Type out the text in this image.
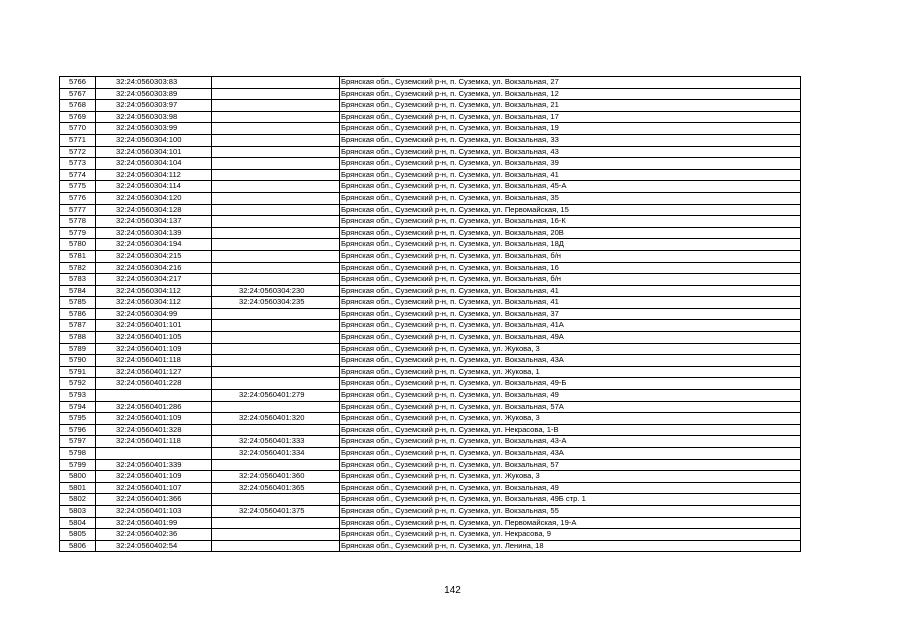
5766	32:24:0560303:83		Брянская обл., Суземский р-н, п. Суземка, ул. Вокзальная, 27
5767	32:24:0560303:89		Брянская обл., Суземский р-н, п. Суземка, ул. Вокзальная, 12
5768	32:24:0560303:97		Брянская обл., Суземский р-н, п. Суземка, ул. Вокзальная, 21
5769	32:24:0560303:98		Брянская обл., Суземский р-н, п. Суземка, ул. Вокзальная, 17
5770	32:24:0560303:99		Брянская обл., Суземский р-н, п. Суземка, ул. Вокзальная, 19
5771	32:24:0560304:100		Брянская обл., Суземский р-н, п. Суземка, ул. Вокзальная, 33
5772	32:24:0560304:101		Брянская обл., Суземский р-н, п. Суземка, ул. Вокзальная, 43
5773	32:24:0560304:104		Брянская обл., Суземский р-н, п. Суземка, ул. Вокзальная, 39
5774	32:24:0560304:112		Брянская обл., Суземский р-н, п. Суземка, ул. Вокзальная, 41
5775	32:24:0560304:114		Брянская обл., Суземский р-н, п. Суземка, ул. Вокзальная, 45-А
5776	32:24:0560304:120		Брянская обл., Суземский р-н, п. Суземка, ул. Вокзальная, 35
5777	32:24:0560304:128		Брянская обл., Суземский р-н, п. Суземка, ул. Первомайская, 15
5778	32:24:0560304:137		Брянская обл., Суземский р-н, п. Суземка, ул. Вокзальная, 16-К
5779	32:24:0560304:139		Брянская обл., Суземский р-н, п. Суземка, ул. Вокзальная, 20В
5780	32:24:0560304:194		Брянская обл., Суземский р-н, п. Суземка, ул. Вокзальная, 18Д
5781	32:24:0560304:215		Брянская обл., Суземский р-н, п. Суземка, ул. Вокзальная, б/н
5782	32:24:0560304:216		Брянская обл., Суземский р-н, п. Суземка, ул. Вокзальная, 16
5783	32:24:0560304:217		Брянская обл., Суземский р-н, п. Суземка, ул. Вокзальная, б/н
5784	32:24:0560304:112	32:24:0560304:230	Брянская обл., Суземский р-н, п. Суземка, ул. Вокзальная, 41
5785	32:24:0560304:112	32:24:0560304:235	Брянская обл., Суземский р-н, п. Суземка, ул. Вокзальная, 41
5786	32:24:0560304:99		Брянская обл., Суземский р-н, п. Суземка, ул. Вокзальная, 37
5787	32:24:0560401:101		Брянская обл., Суземский р-н, п. Суземка, ул. Вокзальная, 41А
5788	32:24:0560401:105		Брянская обл., Суземский р-н, п. Суземка, ул. Вокзальная, 49А
5789	32:24:0560401:109		Брянская обл., Суземский р-н, п. Суземка, ул. Жукова, 3
5790	32:24:0560401:118		Брянская обл., Суземский р-н, п. Суземка, ул. Вокзальная, 43А
5791	32:24:0560401:127		Брянская обл., Суземский р-н, п. Суземка, ул. Жукова, 1
5792	32:24:0560401:228		Брянская обл., Суземский р-н, п. Суземка, ул. Вокзальная, 49-Б
5793		32:24:0560401:279	Брянская обл., Суземский р-н, п. Суземка, ул. Вокзальная, 49
5794	32:24:0560401:286		Брянская обл., Суземский р-н, п. Суземка, ул. Вокзальная, 57А
5795	32:24:0560401:109	32:24:0560401:320	Брянская обл., Суземский р-н, п. Суземка, ул. Жукова, 3
5796	32:24:0560401:328		Брянская обл., Суземский р-н, п. Суземка, ул. Некрасова, 1-В
5797	32:24:0560401:118	32:24:0560401:333	Брянская обл., Суземский р-н, п. Суземка, ул. Вокзальная, 43-А
5798		32:24:0560401:334	Брянская обл., Суземский р-н, п. Суземка, ул. Вокзальная, 43А
5799	32:24:0560401:339		Брянская обл., Суземский р-н, п. Суземка, ул. Вокзальная, 57
5800	32:24:0560401:109	32:24:0560401:360	Брянская обл., Суземский р-н, п. Суземка, ул. Жукова, 3
5801	32:24:0560401:107	32:24:0560401:365	Брянская обл., Суземский р-н, п. Суземка, ул. Вокзальная, 49
5802	32:24:0560401:366		Брянская обл., Суземский р-н, п. Суземка, ул. Вокзальная, 49Б стр. 1
5803	32:24:0560401:103	32:24:0560401:375	Брянская обл., Суземский р-н, п. Суземка, ул. Вокзальная, 55
5804	32:24:0560401:99		Брянская обл., Суземский р-н, п. Суземка, ул. Первомайская, 19-А
5805	32:24:0560402:36		Брянская обл., Суземский р-н, п. Суземка, ул. Некрасова, 9
5806	32:24:0560402:54		Брянская обл., Суземский р-н, п. Суземка, ул. Ленина, 18
142
